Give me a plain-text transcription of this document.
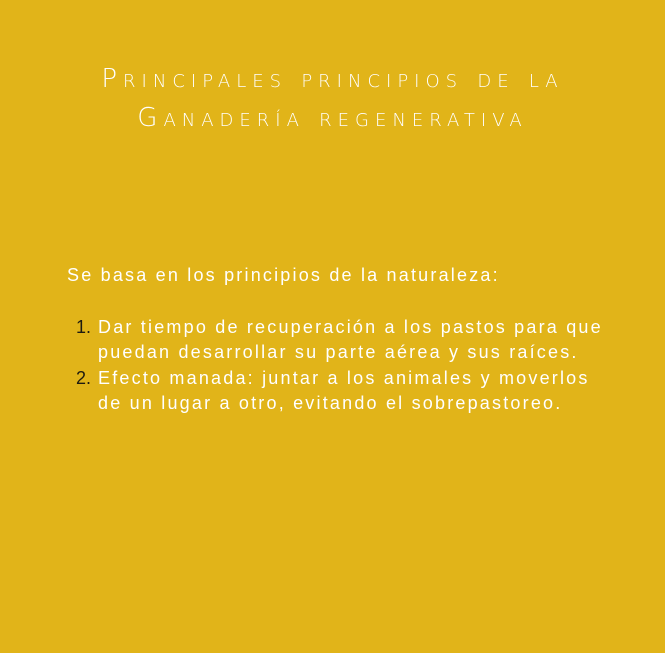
Principales principios de la
Ganadería regenerativa

Se basa en los principios de la naturaleza:

1. Dar tiempo de recuperación a los pastos para que puedan desarrollar su parte aérea y sus raíces.
2. Efecto manada: juntar a los animales y moverlos de un lugar a otro, evitando el sobrepastoreo.
